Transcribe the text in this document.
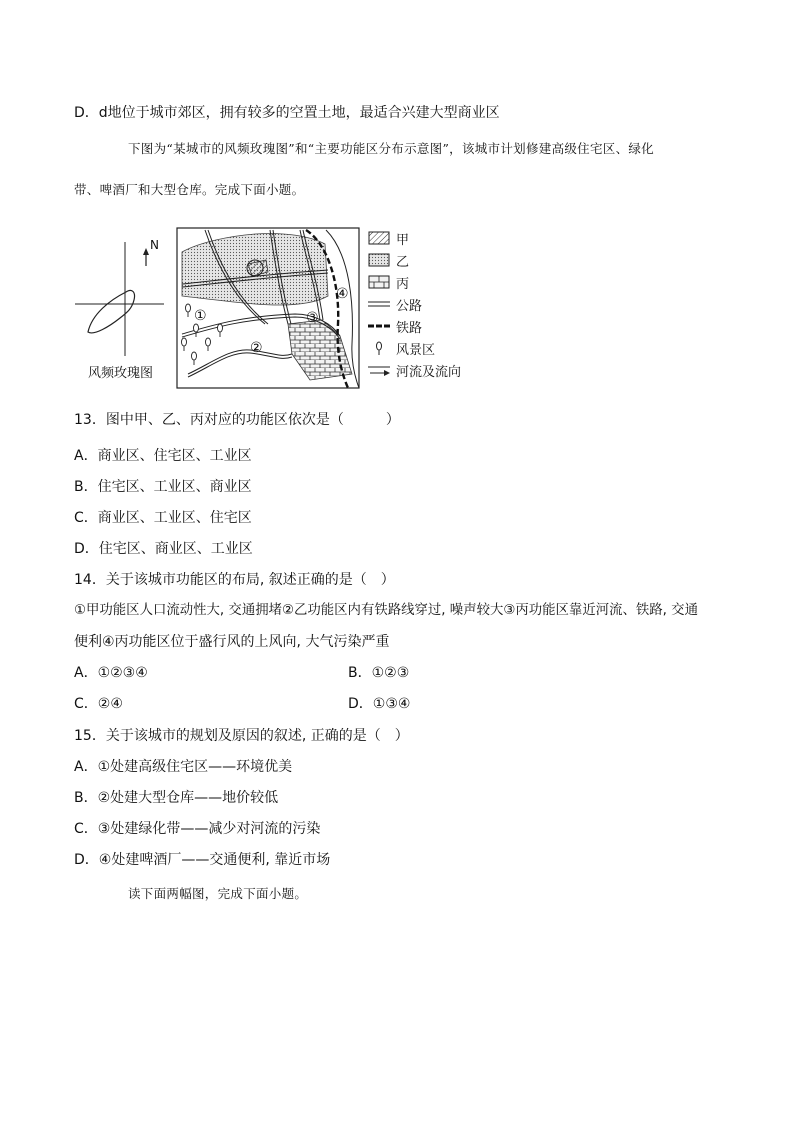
D．d地位于城市郊区，拥有较多的空置土地，最适合兴建大型商业区
下图为“某城市的风频玫瑰图”和“主要功能区分布示意图”，该城市计划修建高级住宅区、绿化
带、啤酒厂和大型仓库。完成下面小题。
N
风频玫瑰图
①
②
③
④
甲
乙
丙
公路
铁路
风景区
河流及流向
13．图中甲、乙、丙对应的功能区依次是（　　　）
A．商业区、住宅区、工业区
B．住宅区、工业区、商业区
C．商业区、工业区、住宅区
D．住宅区、商业区、工业区
14．关于该城市功能区的布局, 叙述正确的是（　）
①甲功能区人口流动性大, 交通拥堵②乙功能区内有铁路线穿过, 噪声较大③丙功能区靠近河流、铁路, 交通
便利④丙功能区位于盛行风的上风向, 大气污染严重
A．①②③④	B．①②③
C．②④	D．①③④
15．关于该城市的规划及原因的叙述, 正确的是（　）
A．①处建高级住宅区——环境优美
B．②处建大型仓库——地价较低
C．③处建绿化带——减少对河流的污染
D．④处建啤酒厂——交通便利, 靠近市场
读下面两幅图，完成下面小题。
